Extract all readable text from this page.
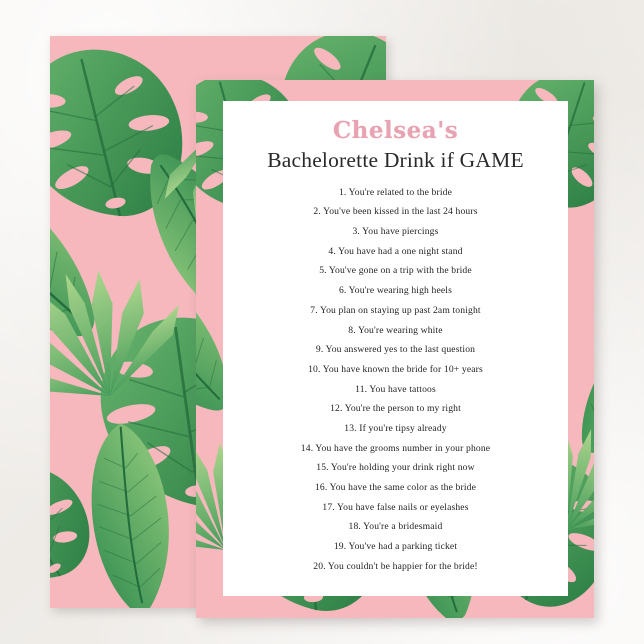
Chelsea's
Bachelorette Drink if GAME
1. You're related to the bride
2. You've been kissed in the last 24 hours
3. You have piercings
4. You have had a one night stand
5. You've gone on a trip with the bride
6. You're wearing high heels
7. You plan on staying up past 2am tonight
8. You're wearing white
9. You answered yes to the last question
10. You have known the bride for 10+ years
11. You have tattoos
12. You're the person to my right
13. If you're tipsy already
14. You have the grooms number in your phone
15. You're holding your drink right now
16. You have the same color as the bride
17. You have false nails or eyelashes
18. You're a bridesmaid
19. You've had a parking ticket
20. You couldn't be happier for the bride!
